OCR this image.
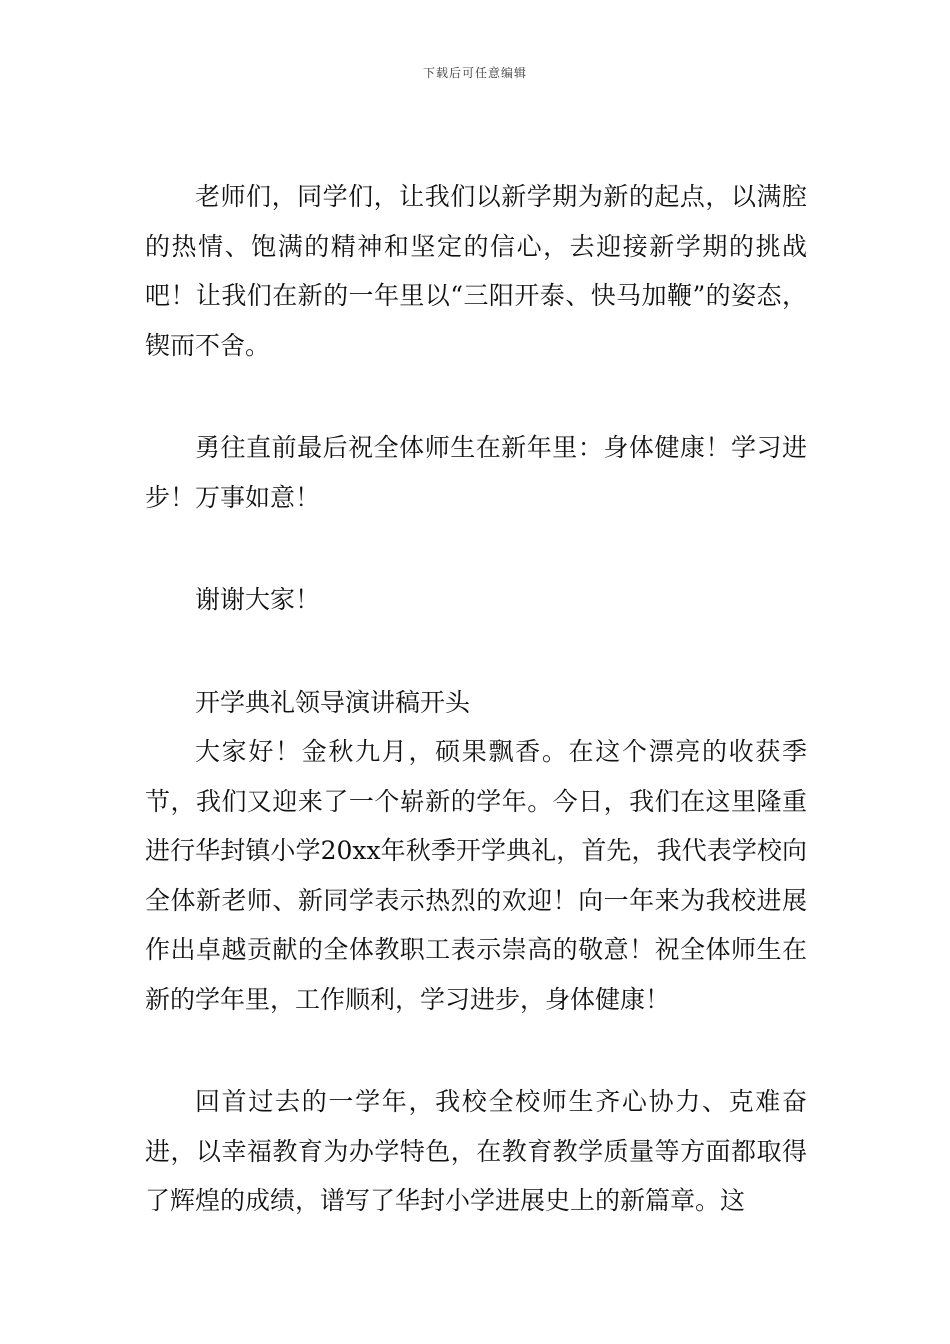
下载后可任意编辑

老师们，同学们，让我们以新学期为新的起点，以满腔的热情、饱满的精神和坚定的信心，去迎接新学期的挑战吧！让我们在新的一年里以“三阳开泰、快马加鞭”的姿态，锲而不舍。

勇往直前最后祝全体师生在新年里：身体健康！学习进步！万事如意！

谢谢大家！

开学典礼领导演讲稿开头

大家好！金秋九月，硕果飘香。在这个漂亮的收获季节，我们又迎来了一个崭新的学年。今日，我们在这里隆重进行华封镇小学20xx年秋季开学典礼，首先，我代表学校向全体新老师、新同学表示热烈的欢迎！向一年来为我校进展作出卓越贡献的全体教职工表示崇高的敬意！祝全体师生在新的学年里，工作顺利，学习进步，身体健康！

回首过去的一学年，我校全校师生齐心协力、克难奋进，以幸福教育为办学特色，在教育教学质量等方面都取得了辉煌的成绩，谱写了华封小学进展史上的新篇章。这
